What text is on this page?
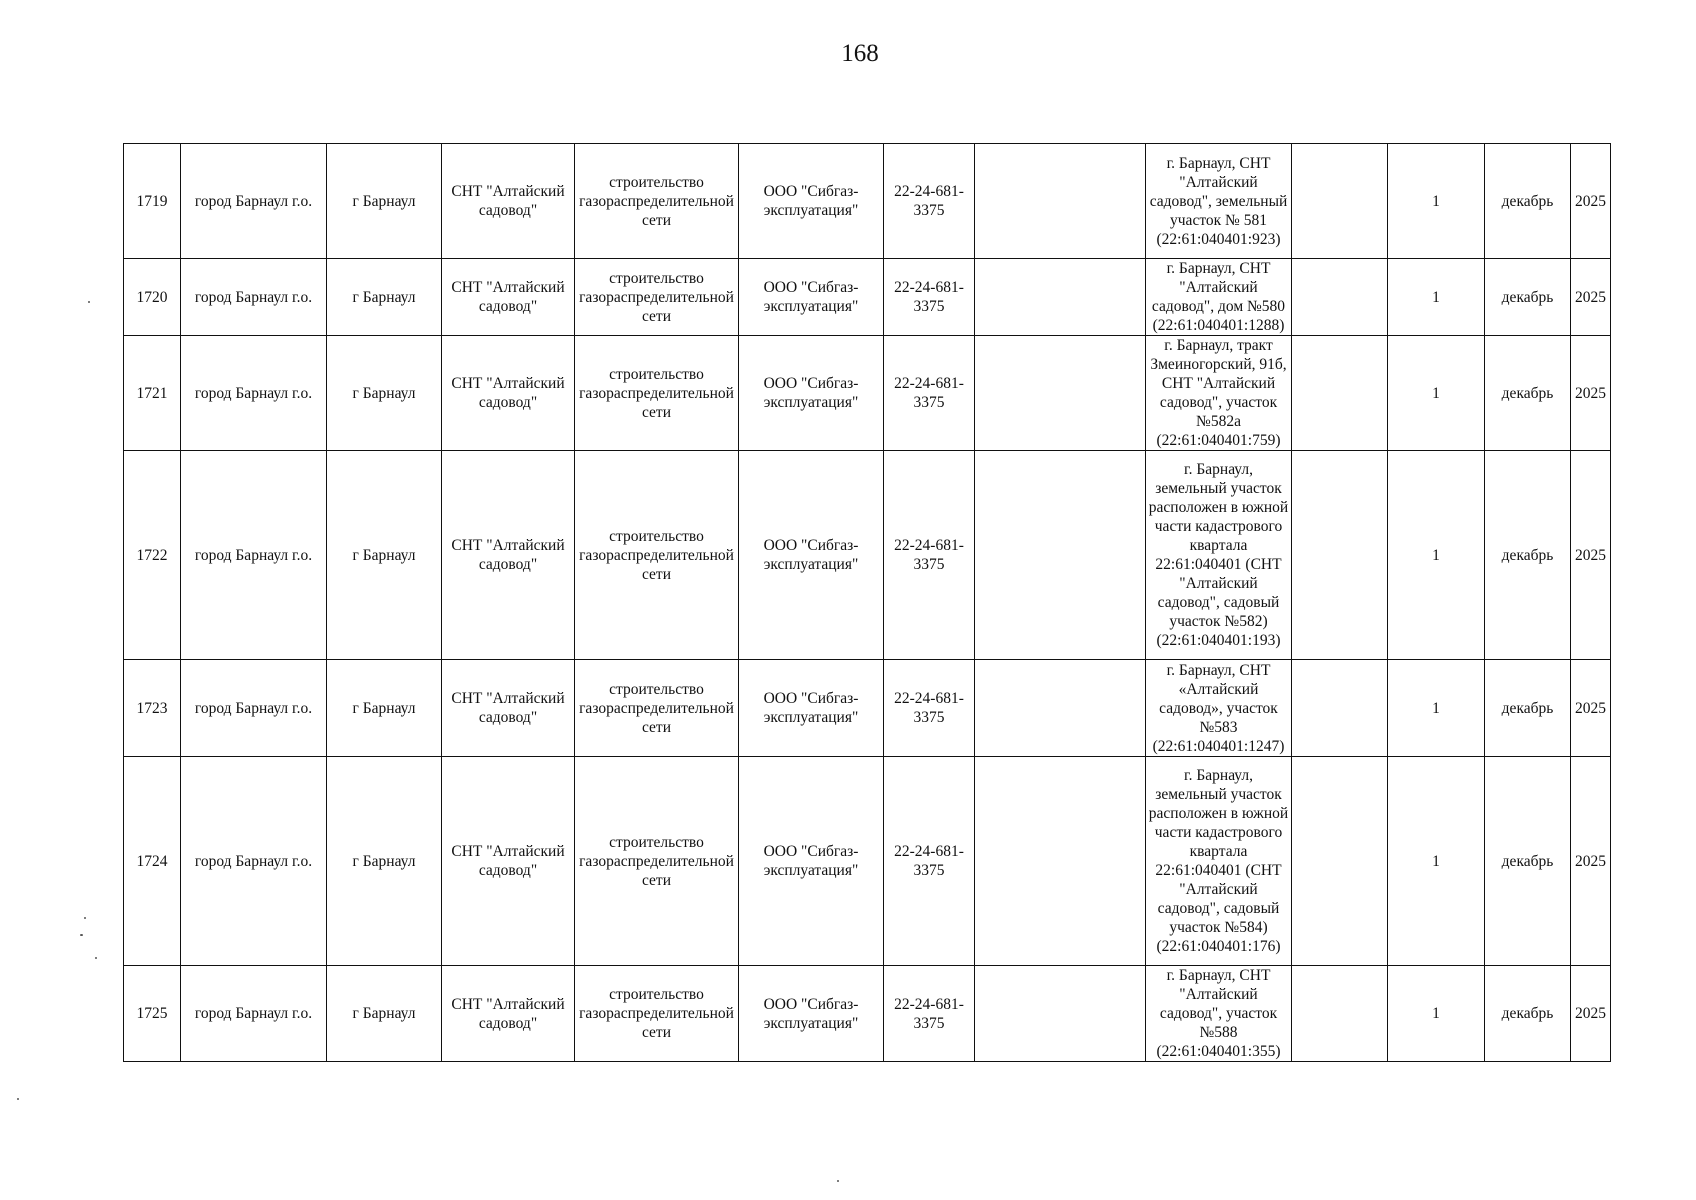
168
1719	город Барнаул г.о.	г Барнаул	СНТ "Алтайский садовод"	строительство газораспределительной сети	ООО "Сибгаз-эксплуатация"	22-24-681-3375		г. Барнаул, СНТ "Алтайский садовод", земельный участок № 581 (22:61:040401:923)		1	декабрь	2025
1720	город Барнаул г.о.	г Барнаул	СНТ "Алтайский садовод"	строительство газораспределительной сети	ООО "Сибгаз-эксплуатация"	22-24-681-3375		г. Барнаул, СНТ "Алтайский садовод", дом №580 (22:61:040401:1288)		1	декабрь	2025
1721	город Барнаул г.о.	г Барнаул	СНТ "Алтайский садовод"	строительство газораспределительной сети	ООО "Сибгаз-эксплуатация"	22-24-681-3375		г. Барнаул, тракт Змеиногорский, 91б, СНТ "Алтайский садовод", участок №582а (22:61:040401:759)		1	декабрь	2025
1722	город Барнаул г.о.	г Барнаул	СНТ "Алтайский садовод"	строительство газораспределительной сети	ООО "Сибгаз-эксплуатация"	22-24-681-3375		г. Барнаул, земельный участок расположен в южной части кадастрового квартала 22:61:040401 (СНТ "Алтайский садовод", садовый участок №582) (22:61:040401:193)		1	декабрь	2025
1723	город Барнаул г.о.	г Барнаул	СНТ "Алтайский садовод"	строительство газораспределительной сети	ООО "Сибгаз-эксплуатация"	22-24-681-3375		г. Барнаул, СНТ «Алтайский садовод», участок №583 (22:61:040401:1247)		1	декабрь	2025
1724	город Барнаул г.о.	г Барнаул	СНТ "Алтайский садовод"	строительство газораспределительной сети	ООО "Сибгаз-эксплуатация"	22-24-681-3375		г. Барнаул, земельный участок расположен в южной части кадастрового квартала 22:61:040401 (СНТ "Алтайский садовод", садовый участок №584) (22:61:040401:176)		1	декабрь	2025
1725	город Барнаул г.о.	г Барнаул	СНТ "Алтайский садовод"	строительство газораспределительной сети	ООО "Сибгаз-эксплуатация"	22-24-681-3375		г. Барнаул, СНТ "Алтайский садовод", участок №588 (22:61:040401:355)		1	декабрь	2025
